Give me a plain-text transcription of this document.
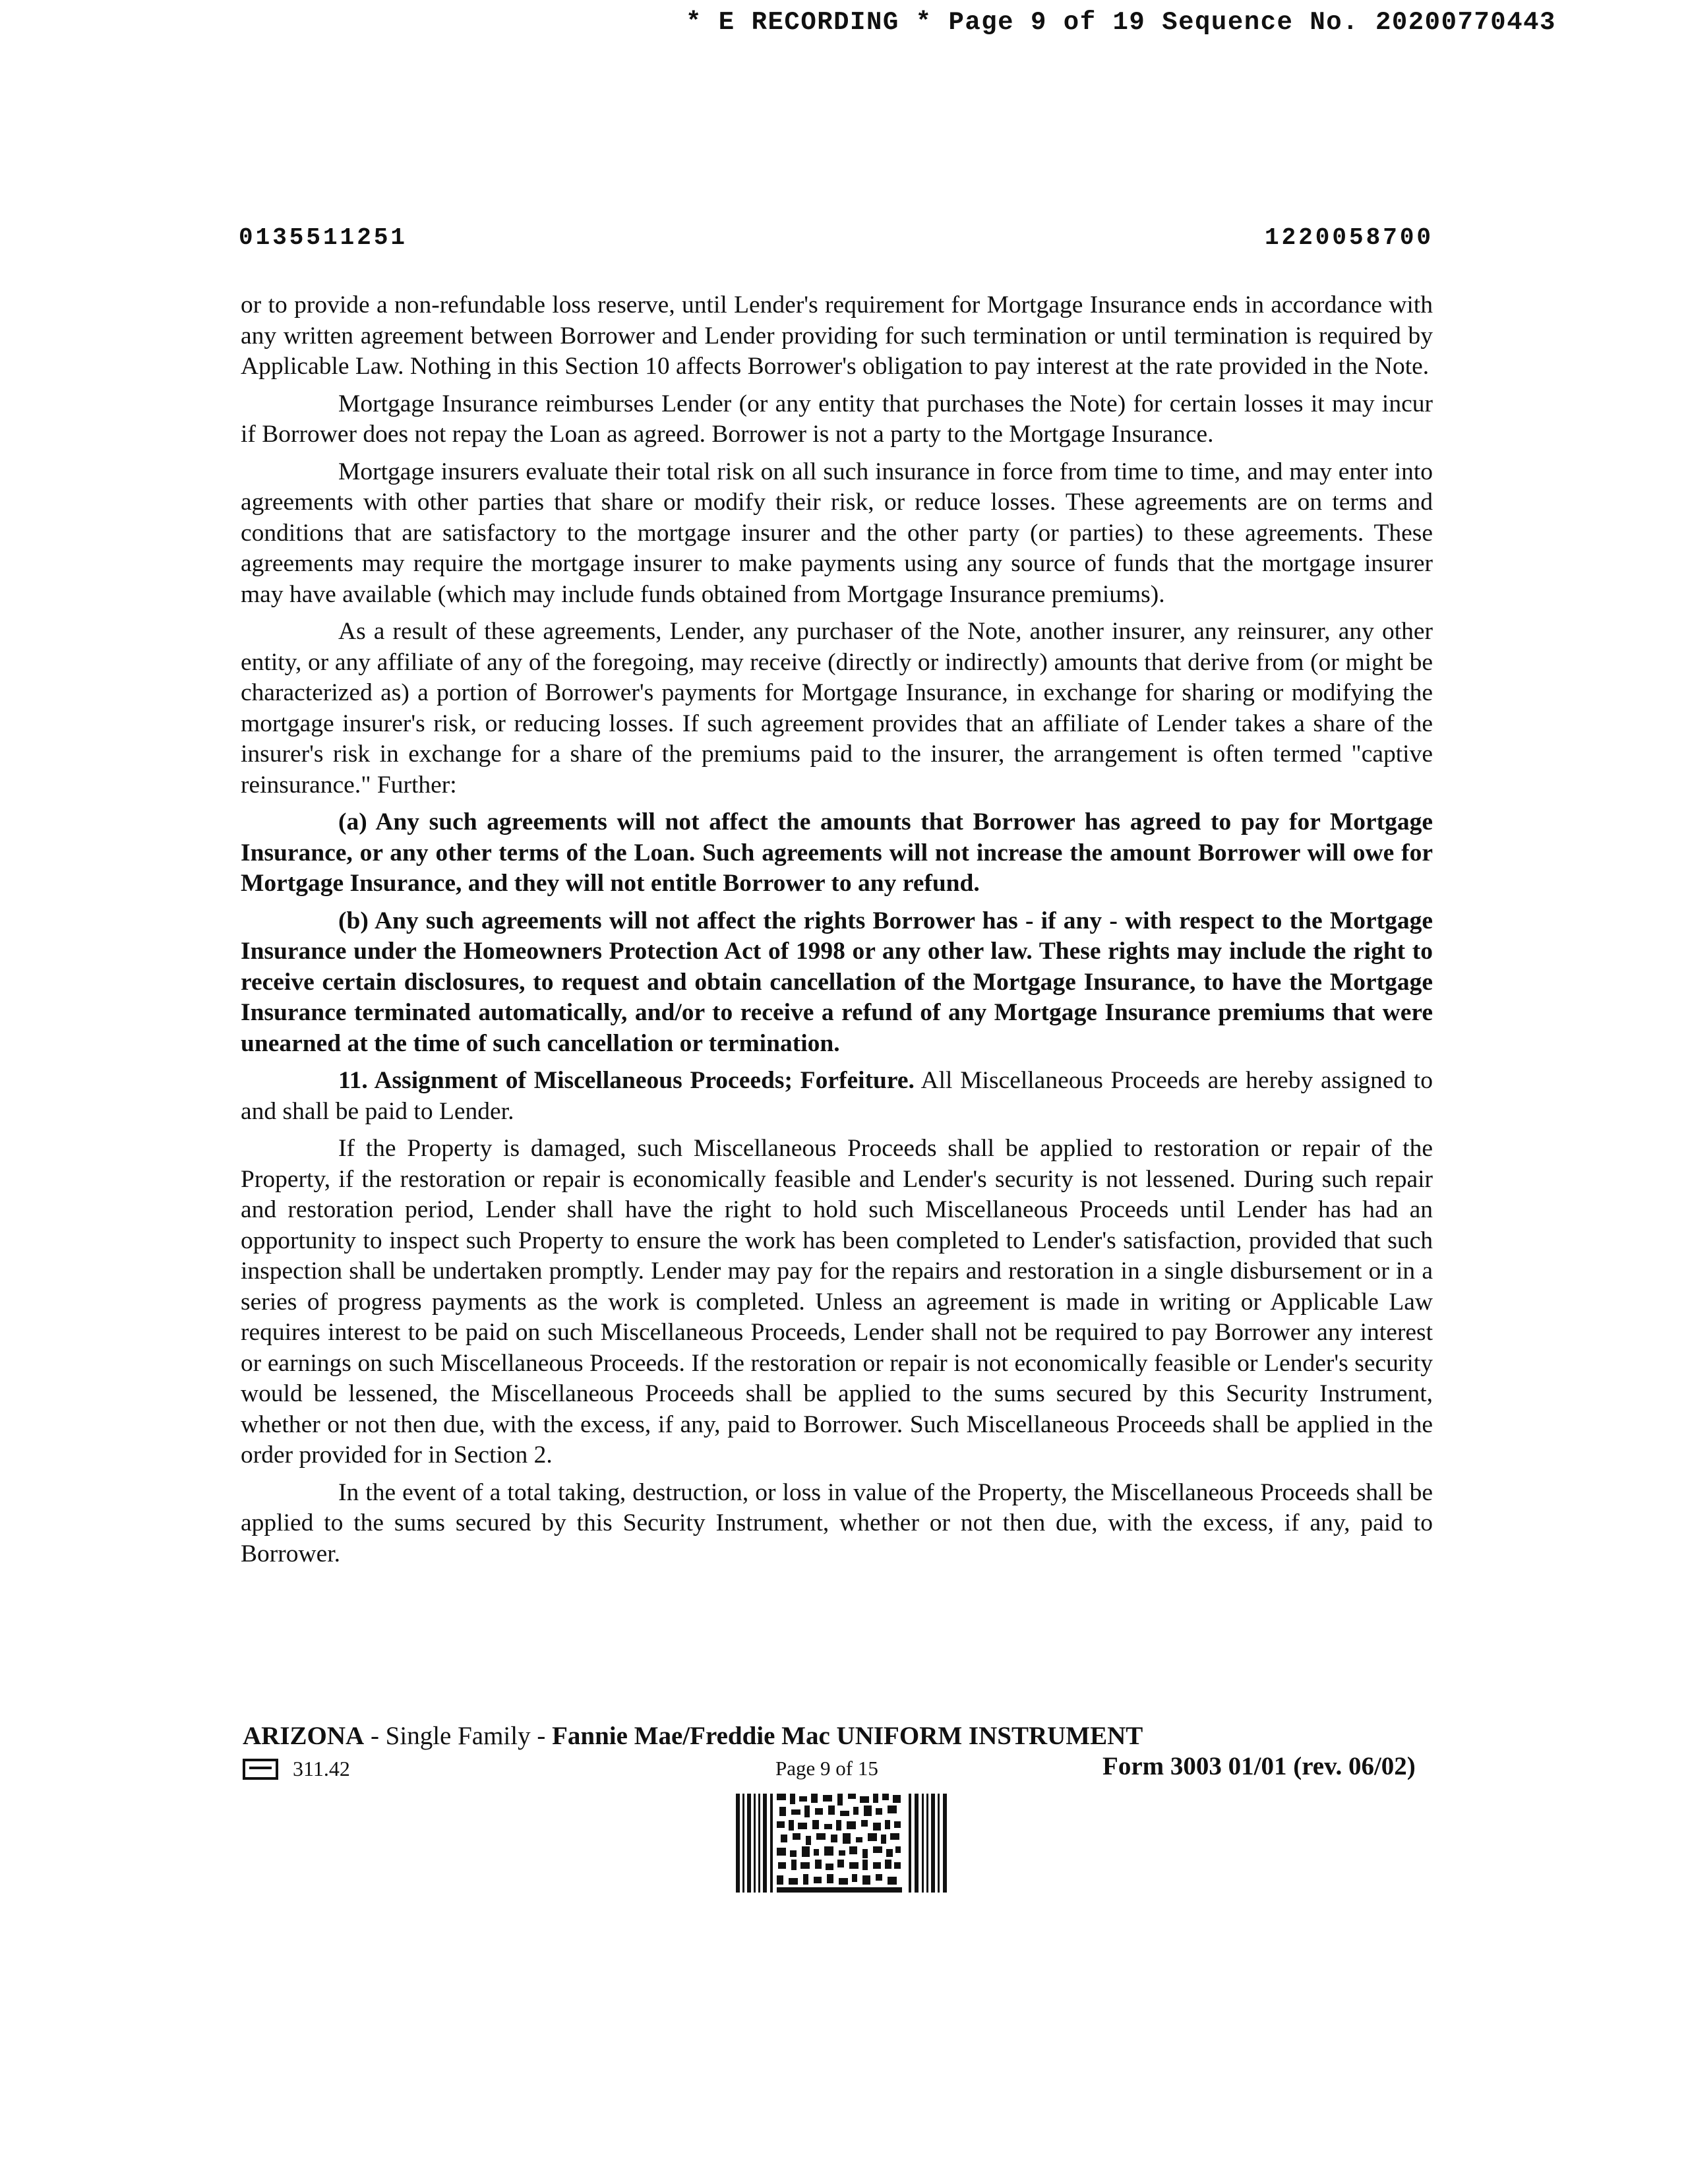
* E RECORDING * Page 9 of 19 Sequence No. 20200770443
0135511251	1220058700

or to provide a non-refundable loss reserve, until Lender's requirement for Mortgage Insurance ends in accordance with any written agreement between Borrower and Lender providing for such termination or until termination is required by Applicable Law. Nothing in this Section 10 affects Borrower's obligation to pay interest at the rate provided in the Note.

Mortgage Insurance reimburses Lender (or any entity that purchases the Note) for certain losses it may incur if Borrower does not repay the Loan as agreed. Borrower is not a party to the Mortgage Insurance.

Mortgage insurers evaluate their total risk on all such insurance in force from time to time, and may enter into agreements with other parties that share or modify their risk, or reduce losses. These agreements are on terms and conditions that are satisfactory to the mortgage insurer and the other party (or parties) to these agreements. These agreements may require the mortgage insurer to make payments using any source of funds that the mortgage insurer may have available (which may include funds obtained from Mortgage Insurance premiums).

As a result of these agreements, Lender, any purchaser of the Note, another insurer, any reinsurer, any other entity, or any affiliate of any of the foregoing, may receive (directly or indirectly) amounts that derive from (or might be characterized as) a portion of Borrower's payments for Mortgage Insurance, in exchange for sharing or modifying the mortgage insurer's risk, or reducing losses. If such agreement provides that an affiliate of Lender takes a share of the insurer's risk in exchange for a share of the premiums paid to the insurer, the arrangement is often termed "captive reinsurance." Further:

(a) Any such agreements will not affect the amounts that Borrower has agreed to pay for Mortgage Insurance, or any other terms of the Loan. Such agreements will not increase the amount Borrower will owe for Mortgage Insurance, and they will not entitle Borrower to any refund.

(b) Any such agreements will not affect the rights Borrower has - if any - with respect to the Mortgage Insurance under the Homeowners Protection Act of 1998 or any other law. These rights may include the right to receive certain disclosures, to request and obtain cancellation of the Mortgage Insurance, to have the Mortgage Insurance terminated automatically, and/or to receive a refund of any Mortgage Insurance premiums that were unearned at the time of such cancellation or termination.

11. Assignment of Miscellaneous Proceeds; Forfeiture. All Miscellaneous Proceeds are hereby assigned to and shall be paid to Lender.

If the Property is damaged, such Miscellaneous Proceeds shall be applied to restoration or repair of the Property, if the restoration or repair is economically feasible and Lender's security is not lessened. During such repair and restoration period, Lender shall have the right to hold such Miscellaneous Proceeds until Lender has had an opportunity to inspect such Property to ensure the work has been completed to Lender's satisfaction, provided that such inspection shall be undertaken promptly. Lender may pay for the repairs and restoration in a single disbursement or in a series of progress payments as the work is completed. Unless an agreement is made in writing or Applicable Law requires interest to be paid on such Miscellaneous Proceeds, Lender shall not be required to pay Borrower any interest or earnings on such Miscellaneous Proceeds. If the restoration or repair is not economically feasible or Lender's security would be lessened, the Miscellaneous Proceeds shall be applied to the sums secured by this Security Instrument, whether or not then due, with the excess, if any, paid to Borrower. Such Miscellaneous Proceeds shall be applied in the order provided for in Section 2.

In the event of a total taking, destruction, or loss in value of the Property, the Miscellaneous Proceeds shall be applied to the sums secured by this Security Instrument, whether or not then due, with the excess, if any, paid to Borrower.

ARIZONA - Single Family - Fannie Mae/Freddie Mac UNIFORM INSTRUMENT
311.42	Page 9 of 15	Form 3003 01/01 (rev. 06/02)
